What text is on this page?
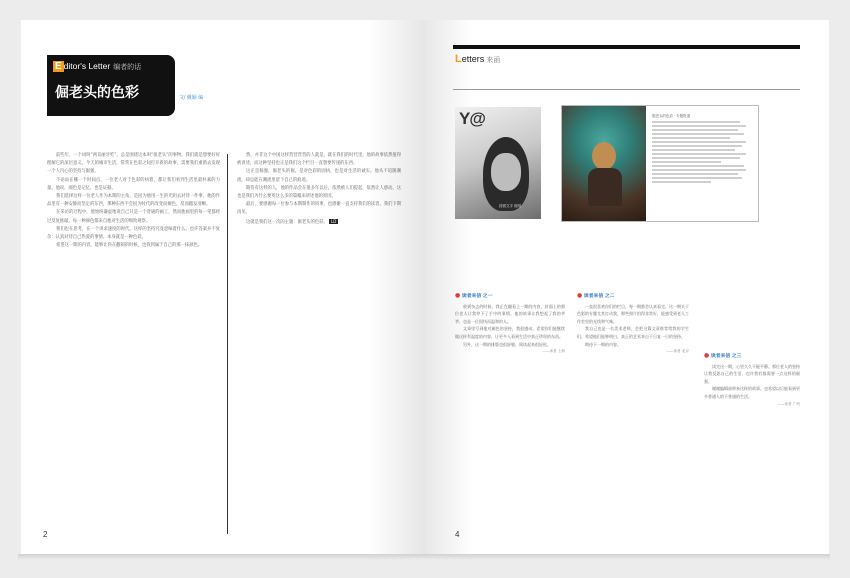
E ditor's Letter 编者的话
倔老头的色彩	文/ 戴颖 编

前些年，一个词叫“两耳丽牙吃”，总是围绕这本叫“很老头”的事物，我们就是想要好好理解它的深层意义。今天的城市生活，常常在色彩之间打开新的故事，需要我们重新去发现一个人内心的坚持与倔强。

不论站在哪一个时间点，一位老人对于色彩的执着，都让我们看到生活里最朴素的力量。他说，颜色是记忆，也是证据。

我们选择这样一位老人作为本期的主角，是因为他用一生的光阴去对待一件事。他的作品里有一种安静而坚定的东西，那种东西不会因为时代的改变而褪色，反而越发清晰。

在采访的过程中，他始终谦虚地说自己只是一个普通的画工，然而他画里的每一笔都经过反复推敲，每一种颜色都来自他对生活的细致观察。

我们也在思考，在一个讲求速度的时代，这样的坚持究竟意味着什么。也许答案并不复杂：认真对待自己热爱的事情，本身就是一种色彩。

希望这一期的内容，能够让你在翻阅的时候，也找到属于自己的那一抹颜色。

然，并非这个中国这样营营营营的人就是，就在我们的时代里，他的故事依然值得被讲述，而这种坚持也正是我们这个栏目一直想要传递的东西。

这正是倔强，倔老头的倔，是对色彩的固执，也是对生活的诚实。他从不追随潮流，却总能在潮流里留下自己的痕迹。

期待有这样的人，他的作品会在很多年以后，依然被人们提起，依然让人感动。这也是我们为什么要用这么多的篇幅来讲述他的原因。

最后，要感谢每一位参与本期制作的同事，也感谢一直支持我们的读者。我们下期再见。

这就是我们这一次的主题：倔老头的色彩。 LD

2
Letters 来函
Y@
封面文字 说明
倔老头的色彩 · 专题报道
● 读者来信 之一

收到杂志的时候，我正在翻看上一期的内容，封面上的那位老人让我停下了手中的事情。他的故事让我想起了我的爷爷，也是一位固执而温和的人。

文章里写到他对颜色的坚持，我很感动。希望你们能继续做这样有温度的内容，让更多人看到生活中真正珍贵的东西。

另外，这一期的排版也很舒服，阅读起来很轻松。

——读者 上海
● 读者来信 之二

一直很喜欢你们的栏目，每一期都会认真看完。这一期关于色彩的专题尤其打动我，那些照片拍得非常好，能感受到老人工作室里的光线和气味。

我自己也是一名美术老师，会把这篇文章推荐给我的学生们。希望他们能够明白，真正的艺术来自于日复一日的坚持。

期待下一期的内容。

——读者 北京
● 读者来信 之三

读完这一期，心里久久不能平静。那位老人的坚持让我反思自己的生活，也许我们都需要一点这样的倔强。

谢谢编辑部带来这样的故事，也希望以后能看到更多普通人的不普通的生活。

——读者 广州
4
